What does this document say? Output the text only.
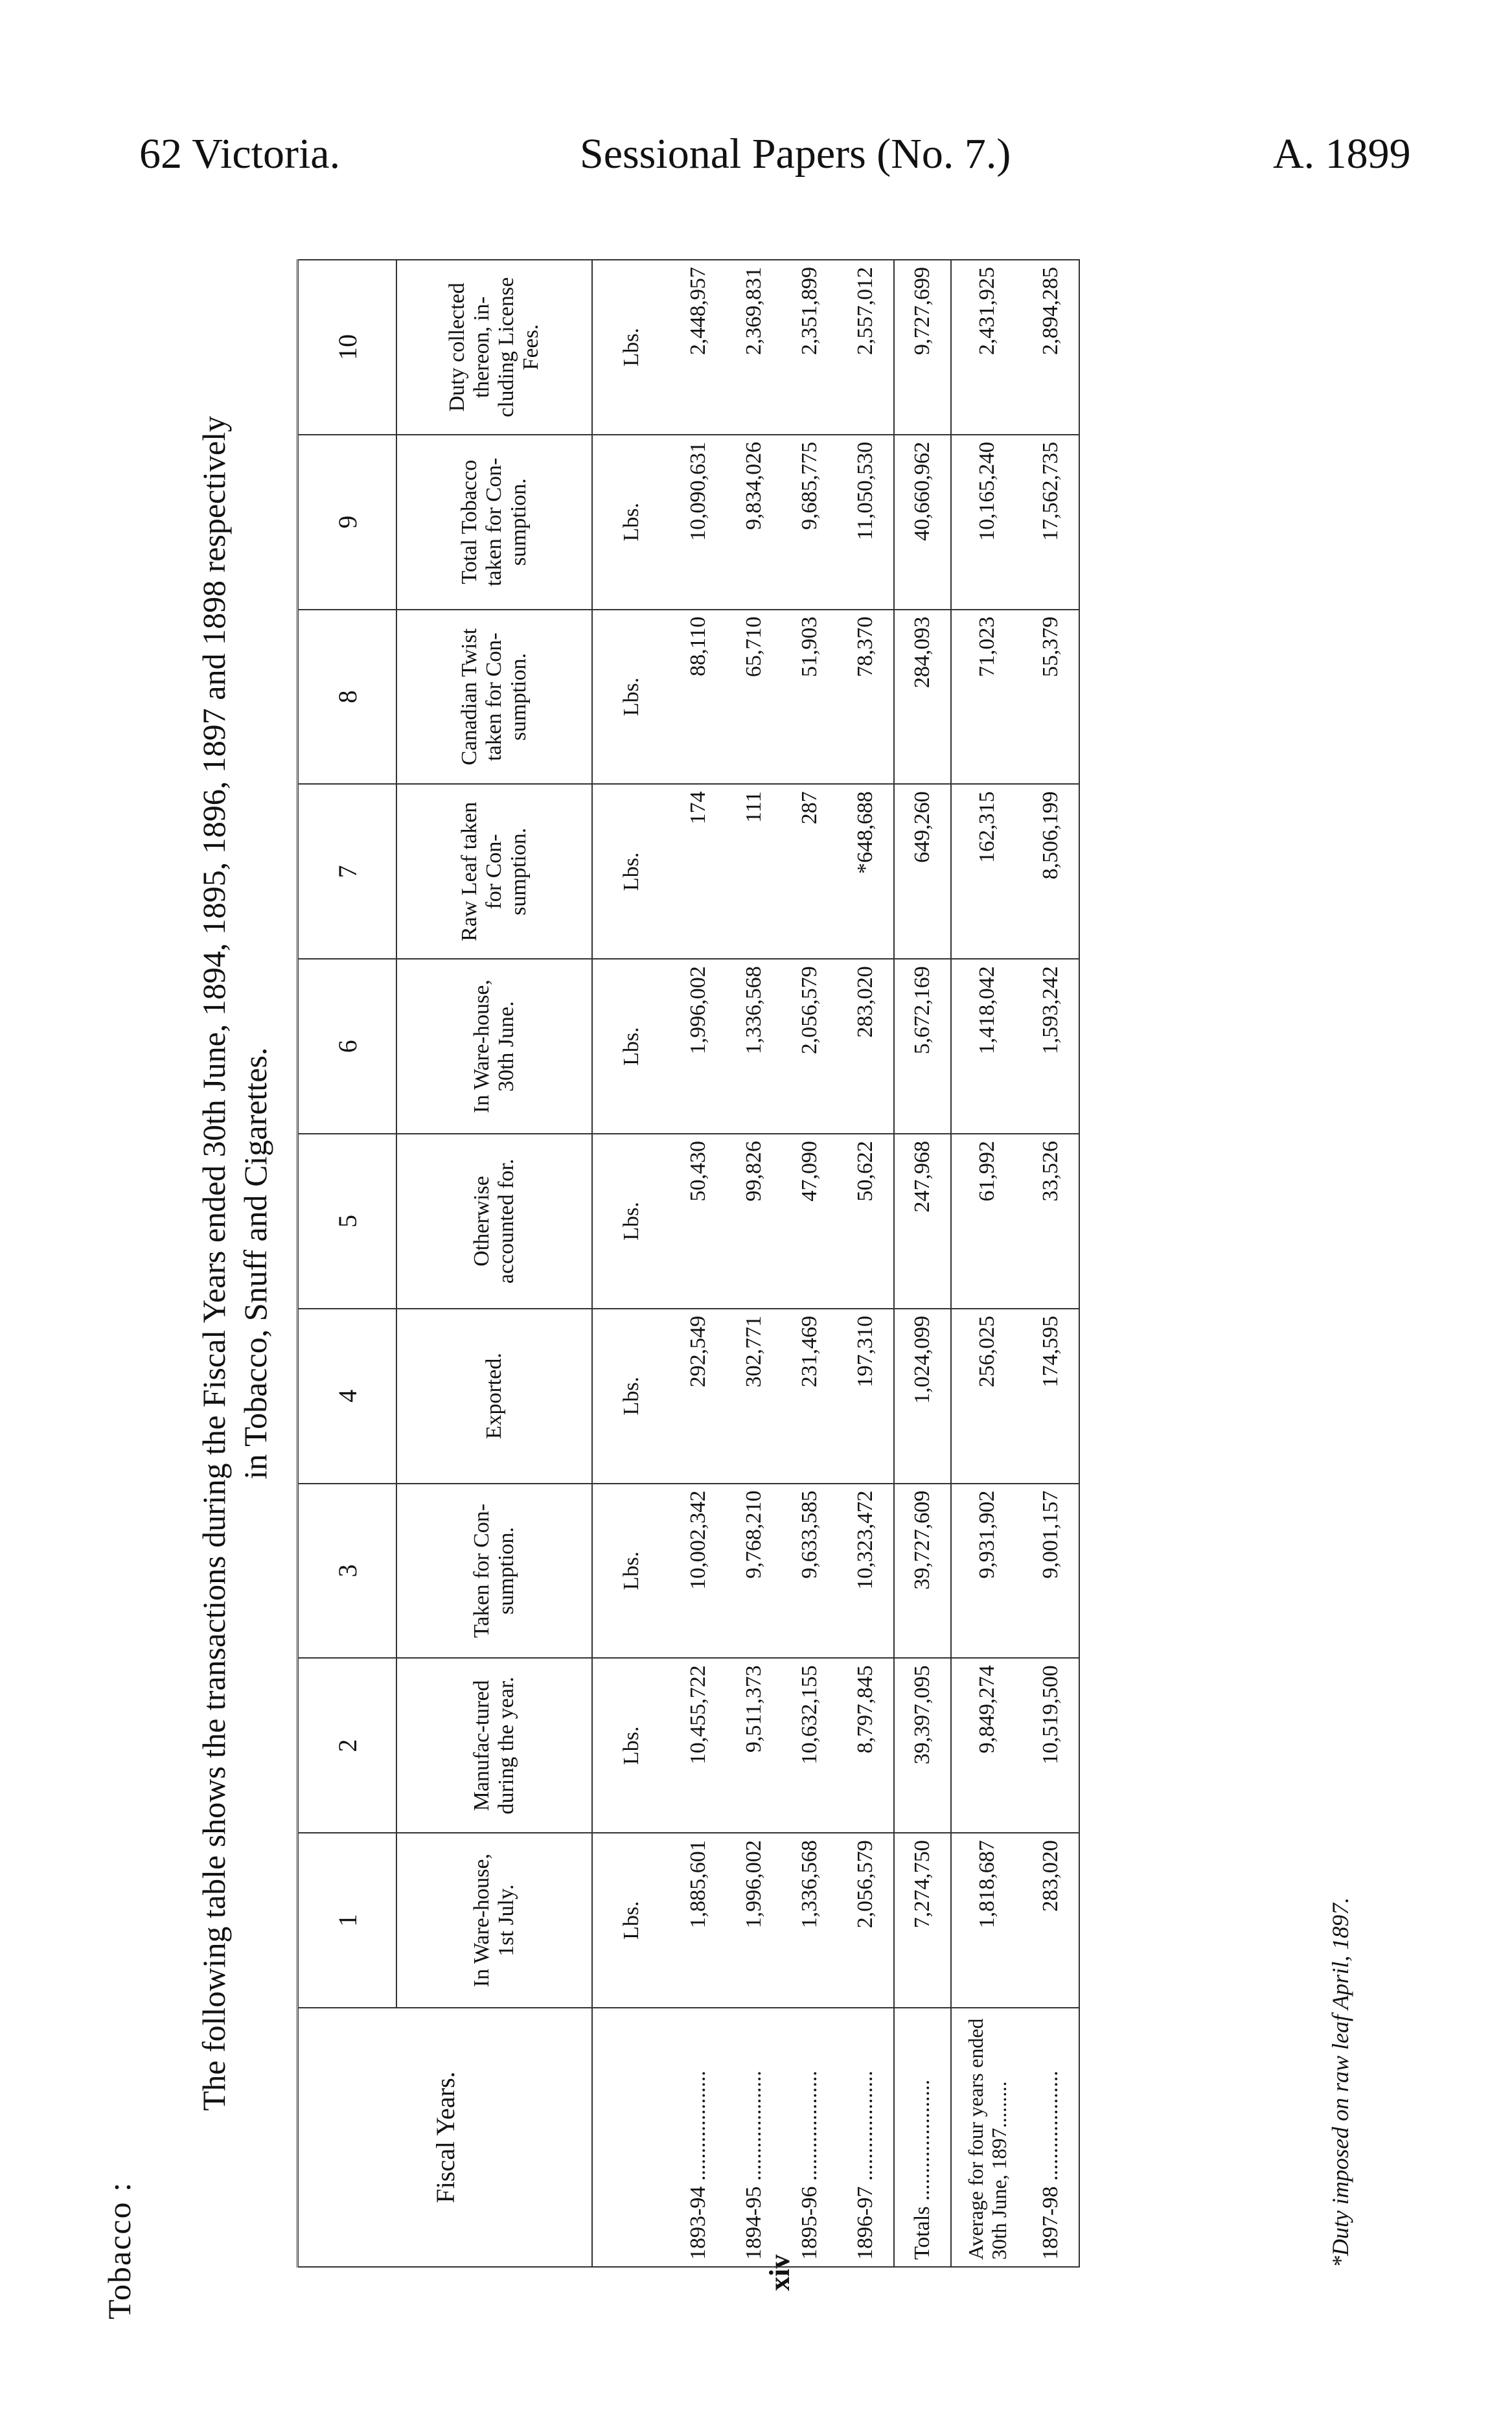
62 Victoria.	Sessional Papers (No. 7.)	A. 1899
Tobacco :	xiv
The following table shows the transactions during the Fiscal Years ended 30th June, 1894, 1895, 1896, 1897 and 1898 respectively in Tobacco, Snuff and Cigarettes.
Fiscal Years.	1	2	3	4	5	6	7	8	9	10
	In Ware-house, 1st July.	Manufac-tured during the year.	Taken for Con-sumption.	Exported.	Otherwise accounted for.	In Ware-house, 30th June.	Raw Leaf taken for Con-sumption.	Canadian Twist taken for Con-sumption.	Total Tobacco taken for Con-sumption.	Duty collected thereon, in-cluding License Fees.
	Lbs.	Lbs.	Lbs.	Lbs.	Lbs.	Lbs.	Lbs.	Lbs.	Lbs.	Lbs.
1893-94 ....................	1,885,601	10,455,722	10,002,342	292,549	50,430	1,996,002	174	88,110	10,090,631	2,448,957
1894-95 ....................	1,996,002	9,511,373	9,768,210	302,771	99,826	1,336,568	111	65,710	9,834,026	2,369,831
1895-96 ....................	1,336,568	10,632,155	9,633,585	231,469	47,090	2,056,579	287	51,903	9,685,775	2,351,899
1896-97 ....................	2,056,579	8,797,845	10,323,472	197,310	50,622	283,020	*648,688	78,370	11,050,530	2,557,012
Totals ......................	7,274,750	39,397,095	39,727,609	1,024,099	247,968	5,672,169	649,260	284,093	40,660,962	9,727,699
Average for four years ended 30th June, 1897.........	1,818,687	9,849,274	9,931,902	256,025	61,992	1,418,042	162,315	71,023	10,165,240	2,431,925
1897-98 ....................	283,020	10,519,500	9,001,157	174,595	33,526	1,593,242	8,506,199	55,379	17,562,735	2,894,285
*Duty imposed on raw leaf April, 1897.
